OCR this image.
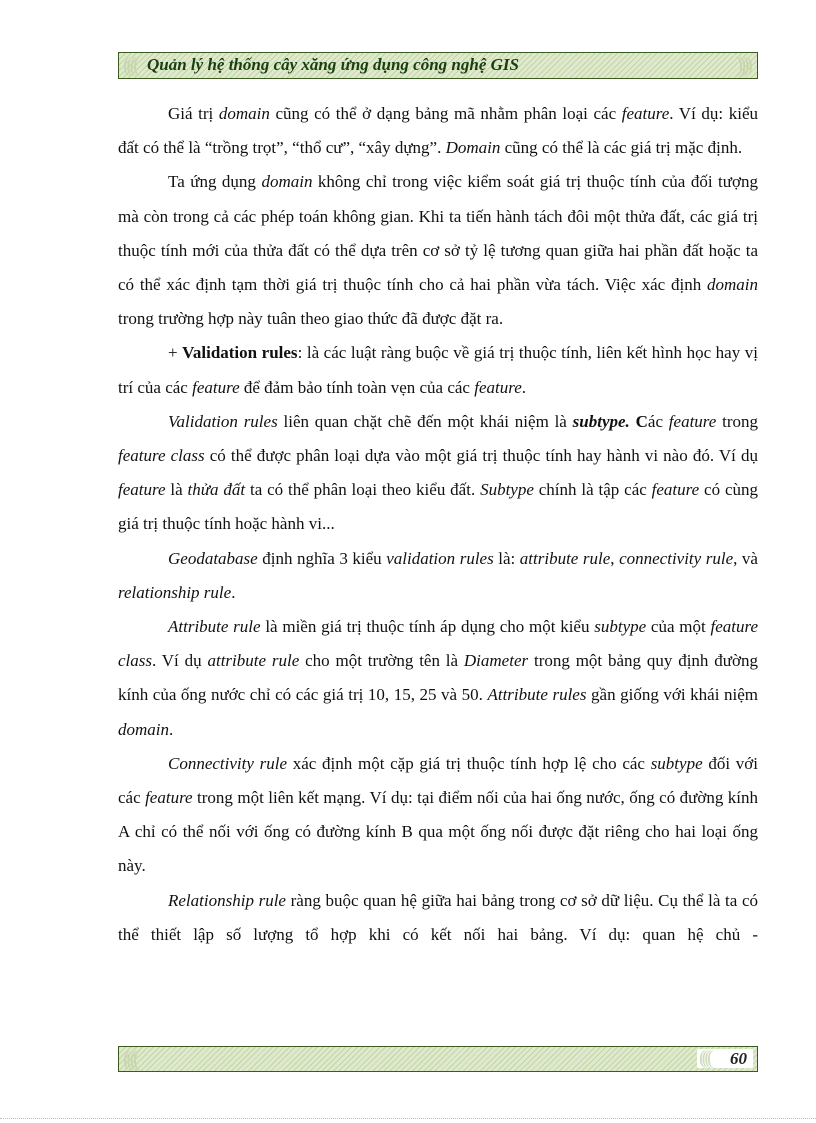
(((( Quản lý hệ thống cây xăng ứng dụng công nghệ GIS	))))

Giá trị domain cũng có thể ở dạng bảng mã nhằm phân loại các feature. Ví dụ: kiểu đất có thể là “trồng trọt”, “thổ cư”, “xây dựng”. Domain cũng có thể là các giá trị mặc định.

Ta ứng dụng domain không chỉ trong việc kiểm soát giá trị thuộc tính của đối tượng mà còn trong cả các phép toán không gian. Khi ta tiến hành tách đôi một thửa đất, các giá trị thuộc tính mới của thửa đất có thể dựa trên cơ sở tỷ lệ tương quan giữa hai phần đất hoặc ta có thể xác định tạm thời giá trị thuộc tính cho cả hai phần vừa tách. Việc xác định domain trong trường hợp này tuân theo giao thức đã được đặt ra.

+ Validation rules: là các luật ràng buộc về giá trị thuộc tính, liên kết hình học hay vị trí của các feature để đảm bảo tính toàn vẹn của các feature.

Validation rules liên quan chặt chẽ đến một khái niệm là subtype. Các feature trong feature class có thể được phân loại dựa vào một giá trị thuộc tính hay hành vi nào đó. Ví dụ feature là thửa đất ta có thể phân loại theo kiểu đất. Subtype chính là tập các feature có cùng giá trị thuộc tính hoặc hành vi...

Geodatabase định nghĩa 3 kiểu validation rules là: attribute rule, connectivity rule, và relationship rule.

Attribute rule là miền giá trị thuộc tính áp dụng cho một kiểu subtype của một feature class. Ví dụ attribute rule cho một trường tên là Diameter trong một bảng quy định đường kính của ống nước chỉ có các giá trị 10, 15, 25 và 50. Attribute rules gần giống với khái niệm domain.

Connectivity rule xác định một cặp giá trị thuộc tính hợp lệ cho các subtype đối với các feature trong một liên kết mạng. Ví dụ: tại điểm nối của hai ống nước, ống có đường kính A chỉ có thể nối với ống có đường kính B qua một ống nối được đặt riêng cho hai loại ống này.

Relationship rule ràng buộc quan hệ giữa hai bảng trong cơ sở dữ liệu. Cụ thể là ta có thể thiết lập số lượng tổ hợp khi có kết nối hai bảng. Ví dụ: quan hệ chủ -

((((	(((( 60
